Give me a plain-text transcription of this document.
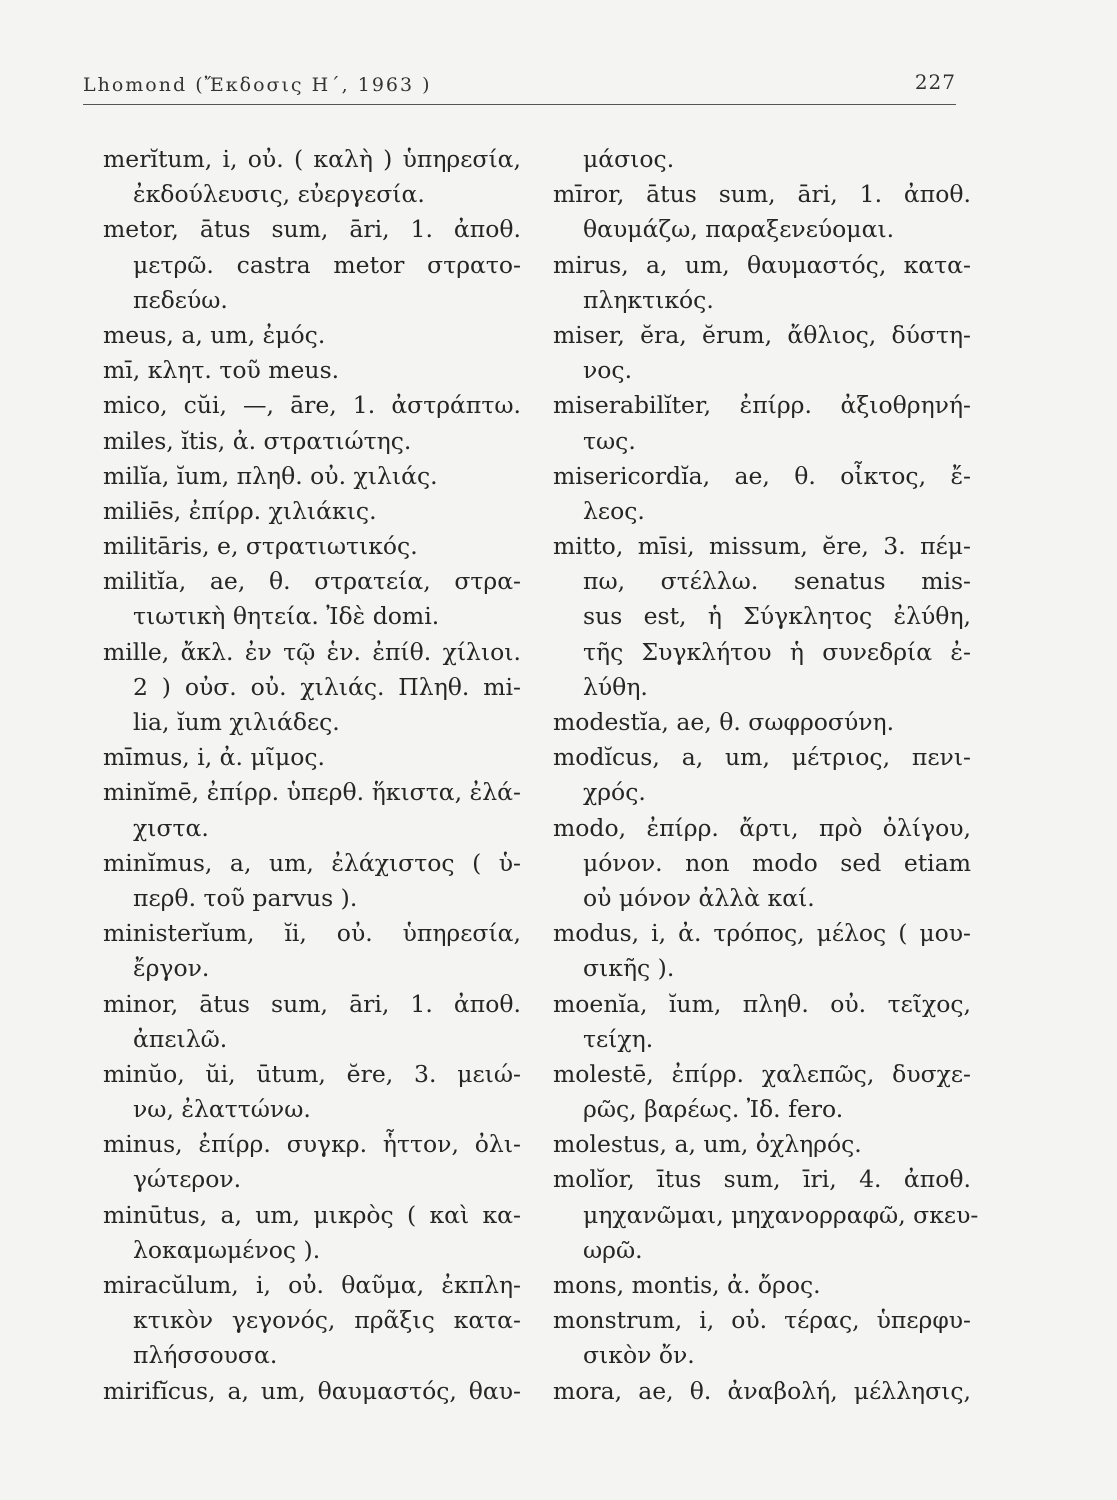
Lhomond (Ἔκδοσις Η΄, 1963 )	227
merĭtum, i, οὐ. ( καλὴ ) ὑπηρεσία,
ἐκδούλευσις, εὐεργεσία.
metor, ātus sum, āri, 1. ἀποθ.
μετρῶ. castra metor στρατο-
πεδεύω.
meus, a, um, ἐμός.
mī, κλητ. τοῦ meus.
mico, cŭi, —, āre, 1. ἀστράπτω.
miles, ĭtis, ἀ. στρατιώτης.
milĭa, ĭum, πληθ. οὐ. χιλιάς.
miliēs, ἐπίρρ. χιλιάκις.
militāris, e, στρατιωτικός.
militĭa, ae, θ. στρατεία, στρα-
τιωτικὴ θητεία. Ἰδὲ domi.
mille, ἄκλ. ἐν τῷ ἑν. ἐπίθ. χίλιοι.
2 ) οὐσ. οὐ. χιλιάς. Πληθ. mi-
lia, ĭum χιλιάδες.
mīmus, i, ἀ. μῖμος.
minĭmē, ἐπίρρ. ὑπερθ. ἥκιστα, ἐλά-
χιστα.
minĭmus, a, um, ἐλάχιστος ( ὑ-
περθ. τοῦ parvus ).
ministerĭum, ĭi, οὐ. ὑπηρεσία,
ἔργον.
minor, ātus sum, āri, 1. ἀποθ.
ἀπειλῶ.
minŭo, ŭi, ūtum, ĕre, 3. μειώ-
νω, ἐλαττώνω.
minus, ἐπίρρ. συγκρ. ἧττον, ὀλι-
γώτερον.
minūtus, a, um, μικρὸς ( καὶ κα-
λοκαμωμένος ).
miracŭlum, i, οὐ. θαῦμα, ἐκπλη-
κτικὸν γεγονός, πρᾶξις κατα-
πλήσσουσα.
mirifĭcus, a, um, θαυμαστός, θαυ-
μάσιος.
mīror, ātus sum, āri, 1. ἀποθ.
θαυμάζω, παραξενεύομαι.
mirus, a, um, θαυμαστός, κατα-
πληκτικός.
miser, ĕra, ĕrum, ἄθλιος, δύστη-
νος.
miserabilĭter, ἐπίρρ. ἀξιοθρηνή-
τως.
misericordĭa, ae, θ. οἶκτος, ἔ-
λεος.
mitto, mīsi, missum, ĕre, 3. πέμ-
πω, στέλλω. senatus mis-
sus est, ἡ Σύγκλητος ἐλύθη,
τῆς Συγκλήτου ἡ συνεδρία ἐ-
λύθη.
modestĭa, ae, θ. σωφροσύνη.
modĭcus, a, um, μέτριος, πενι-
χρός.
modo, ἐπίρρ. ἄρτι, πρὸ ὀλίγου,
μόνον. non modo sed etiam
οὐ μόνον ἀλλὰ καί.
modus, i, ἀ. τρόπος, μέλος ( μου-
σικῆς ).
moenĭa, ĭum, πληθ. οὐ. τεῖχος,
τείχη.
molestē, ἐπίρρ. χαλεπῶς, δυσχε-
ρῶς, βαρέως. Ἰδ. fero.
molestus, a, um, ὀχληρός.
molĭor, ītus sum, īri, 4. ἀποθ.
μηχανῶμαι, μηχανορραφῶ, σκευ-
ωρῶ.
mons, montis, ἀ. ὄρος.
monstrum, i, οὐ. τέρας, ὑπερφυ-
σικὸν ὄν.
mora, ae, θ. ἀναβολή, μέλλησις,
